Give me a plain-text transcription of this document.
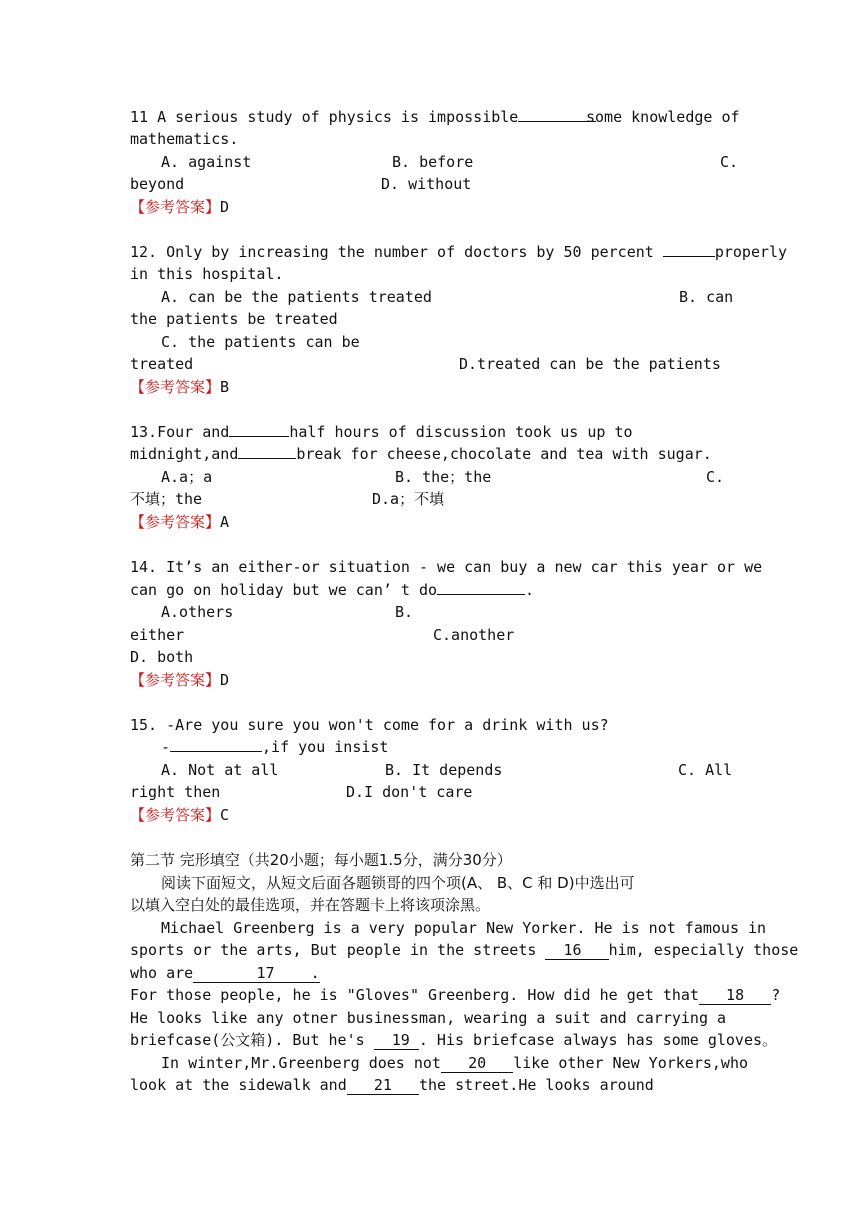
11 A serious study of physics is impossible	some knowledge of
mathematics.
A. against	B. before	C.
beyond	D. without
【参考答案】D
12. Only by increasing the number of doctors by 50 percent	properly
in this hospital.
A. can be the patients treated	B. can
the patients be treated
C. the patients can be
treated	D.treated can be the patients
【参考答案】B
13.Four and	half hours of discussion took us up to
midnight,and	break for cheese,chocolate and tea with sugar.
A.a；a	B. the；the	C.
不填；the	D.a；不填
【参考答案】A
14. It’s an either-or situation - we can buy a new car this year or we
can go on holiday but we can’ t do	.
A.others	B.
either	C.another
D. both
【参考答案】D
15. -Are you sure you won't come for a drink with us?
-	,if you insist
A. Not at all	B. It depends	C. All
right then	D.I don't care
【参考答案】C
第二节 完形填空（共20小题；每小题1.5分，满分30分）
阅读下面短文，从短文后面各题锁哥的四个项(A、 B、C 和 D)中选出可
以填入空白处的最佳选项，并在答题卡上将该项涂黑。
Michael Greenberg is a very popular New Yorker. He is not famous in
sports or the arts, But people in the streets 16 him, especially those
who are	17 .
For those people, he is "Gloves" Greenberg. How did he get that 18 ?
He looks like any otner businessman, wearing a suit and carrying a
briefcase(公文箱). But he's 19 . His briefcase always has some gloves。
In winter,Mr.Greenberg does not 20 like other New Yorkers,who
look at the sidewalk and 21 the street.He looks around
